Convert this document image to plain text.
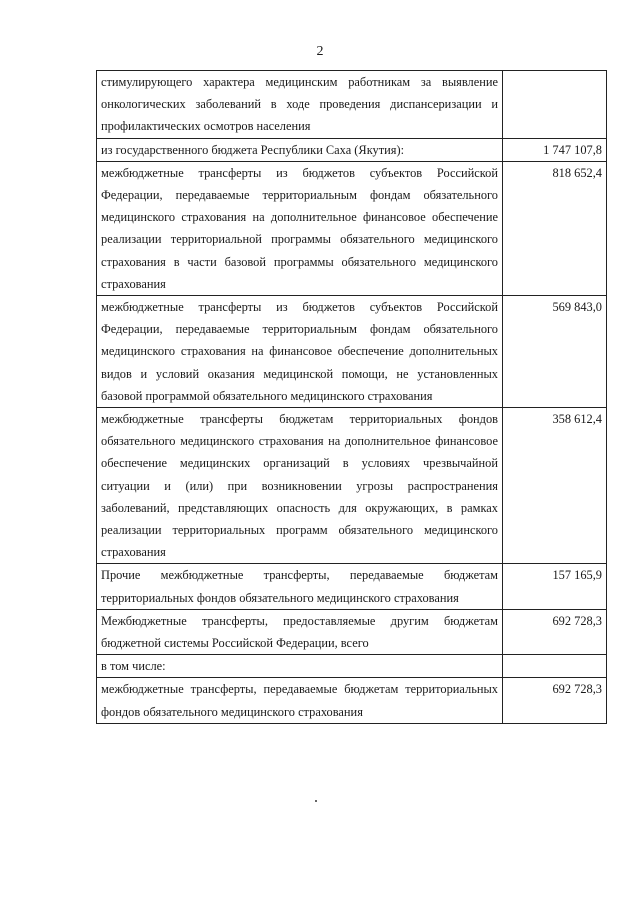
2
стимулирующего характера медицинским работникам за выявление онкологических заболеваний в ходе проведения диспансеризации и профилактических осмотров населения	
из государственного бюджета Республики Саха (Якутия):	1 747 107,8
межбюджетные трансферты из бюджетов субъектов Российской Федерации, передаваемые территориальным фондам обязательного медицинского страхования на дополнительное финансовое обеспечение реализации территориальной программы обязательного медицинского страхования в части базовой программы обязательного медицинского страхования	818 652,4
межбюджетные трансферты из бюджетов субъектов Российской Федерации, передаваемые территориальным фондам обязательного медицинского страхования на финансовое обеспечение дополнительных видов и условий оказания медицинской помощи, не установленных базовой программой обязательного медицинского страхования	569 843,0
межбюджетные трансферты бюджетам территориальных фондов обязательного медицинского страхования на дополнительное финансовое обеспечение медицинских организаций в условиях чрезвычайной ситуации и (или) при возникновении угрозы распространения заболеваний, представляющих опасность для окружающих, в рамках реализации территориальных программ обязательного медицинского страхования	358 612,4
Прочие межбюджетные трансферты, передаваемые бюджетам территориальных фондов обязательного медицинского страхования	157 165,9
Межбюджетные трансферты, предоставляемые другим бюджетам бюджетной системы Российской Федерации, всего	692 728,3
в том числе:	
межбюджетные трансферты, передаваемые бюджетам территориальных фондов обязательного медицинского страхования	692 728,3
